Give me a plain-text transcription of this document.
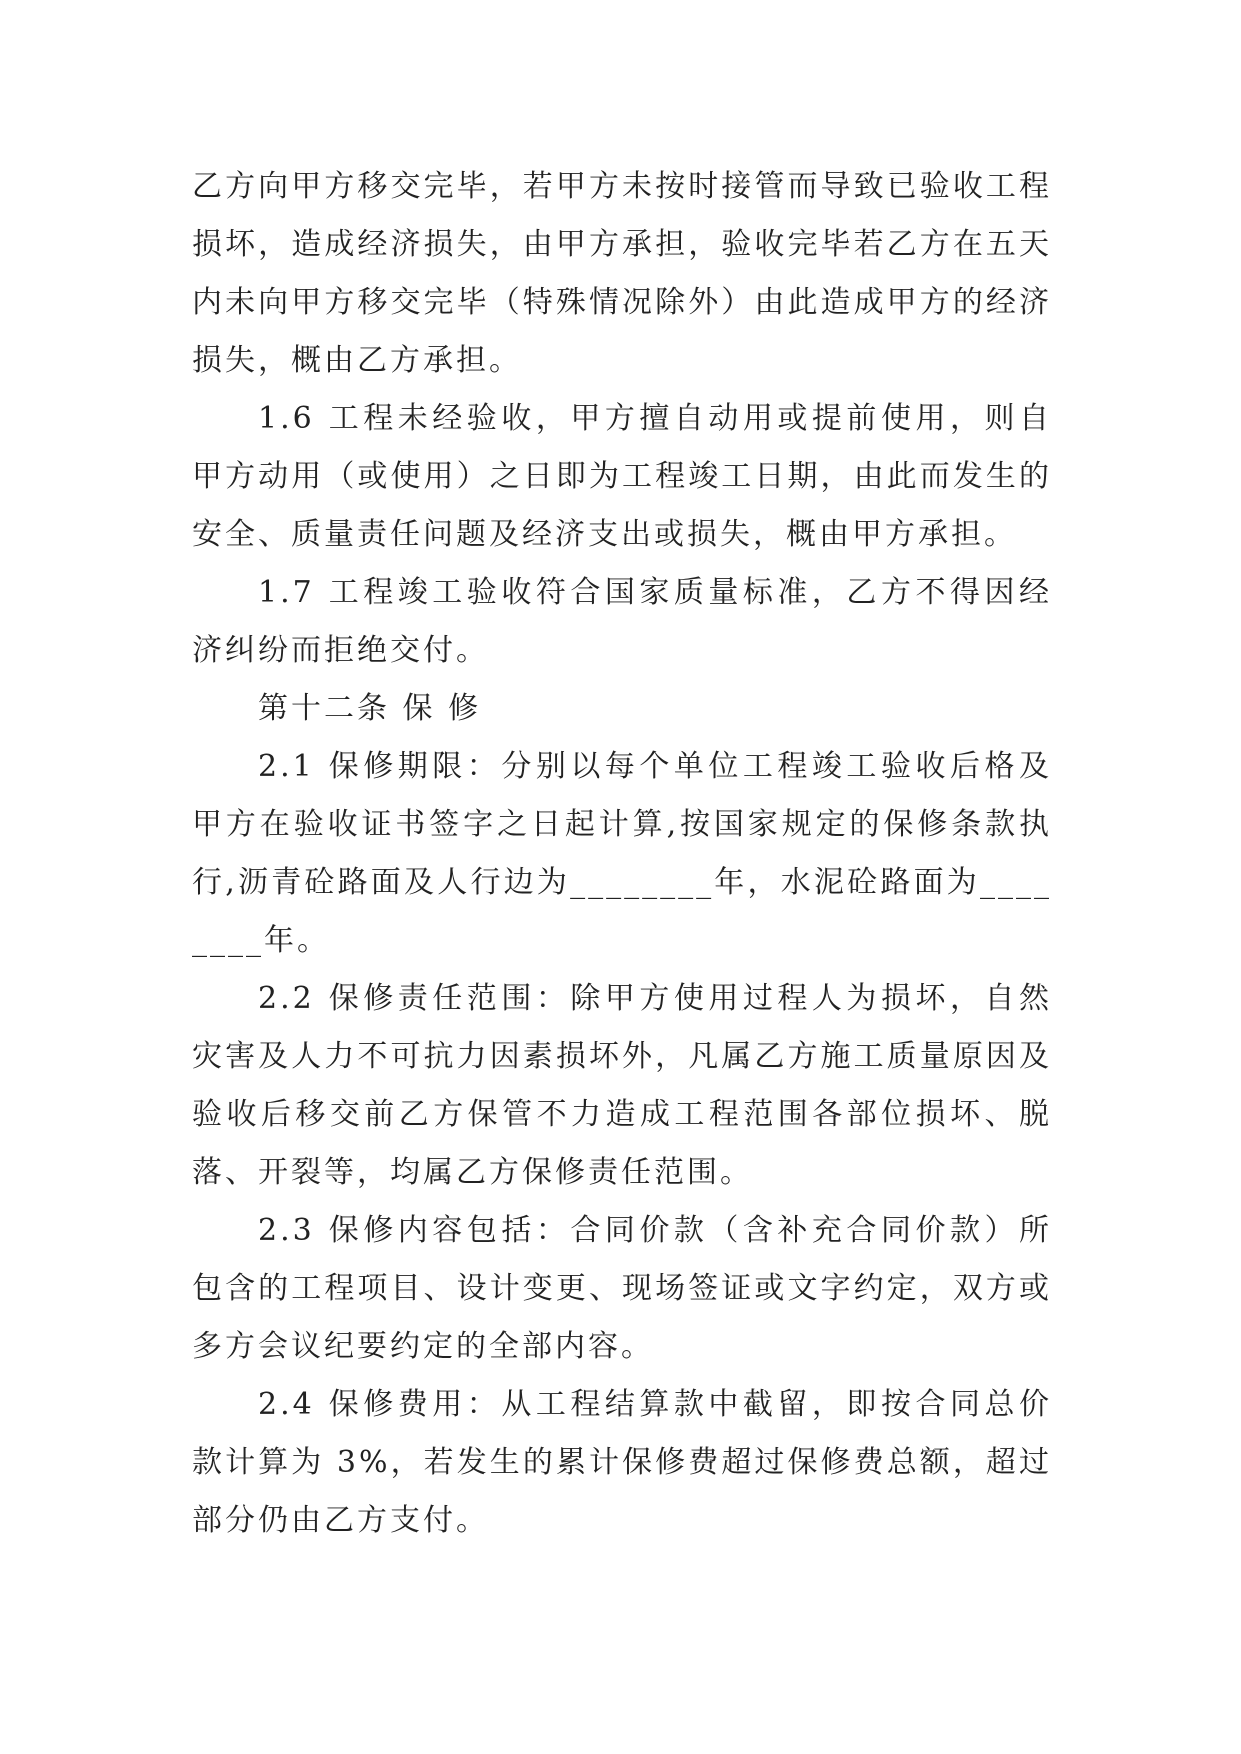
乙方向甲方移交完毕，若甲方未按时接管而导致已验收工程损坏，造成经济损失，由甲方承担，验收完毕若乙方在五天内未向甲方移交完毕（特殊情况除外）由此造成甲方的经济损失，概由乙方承担。

1.6 工程未经验收，甲方擅自动用或提前使用，则自甲方动用（或使用）之日即为工程竣工日期，由此而发生的安全、质量责任问题及经济支出或损失，概由甲方承担。

1.7 工程竣工验收符合国家质量标准，乙方不得因经济纠纷而拒绝交付。

第十二条 保 修

2.1 保修期限：分别以每个单位工程竣工验收后格及甲方在验收证书签字之日起计算,按国家规定的保修条款执行,沥青砼路面及人行边为________年，水泥砼路面为________年。

2.2 保修责任范围：除甲方使用过程人为损坏，自然灾害及人力不可抗力因素损坏外，凡属乙方施工质量原因及验收后移交前乙方保管不力造成工程范围各部位损坏、脱落、开裂等，均属乙方保修责任范围。

2.3 保修内容包括：合同价款（含补充合同价款）所包含的工程项目、设计变更、现场签证或文字约定，双方或多方会议纪要约定的全部内容。

2.4 保修费用：从工程结算款中截留，即按合同总价款计算为 3%，若发生的累计保修费超过保修费总额，超过部分仍由乙方支付。
